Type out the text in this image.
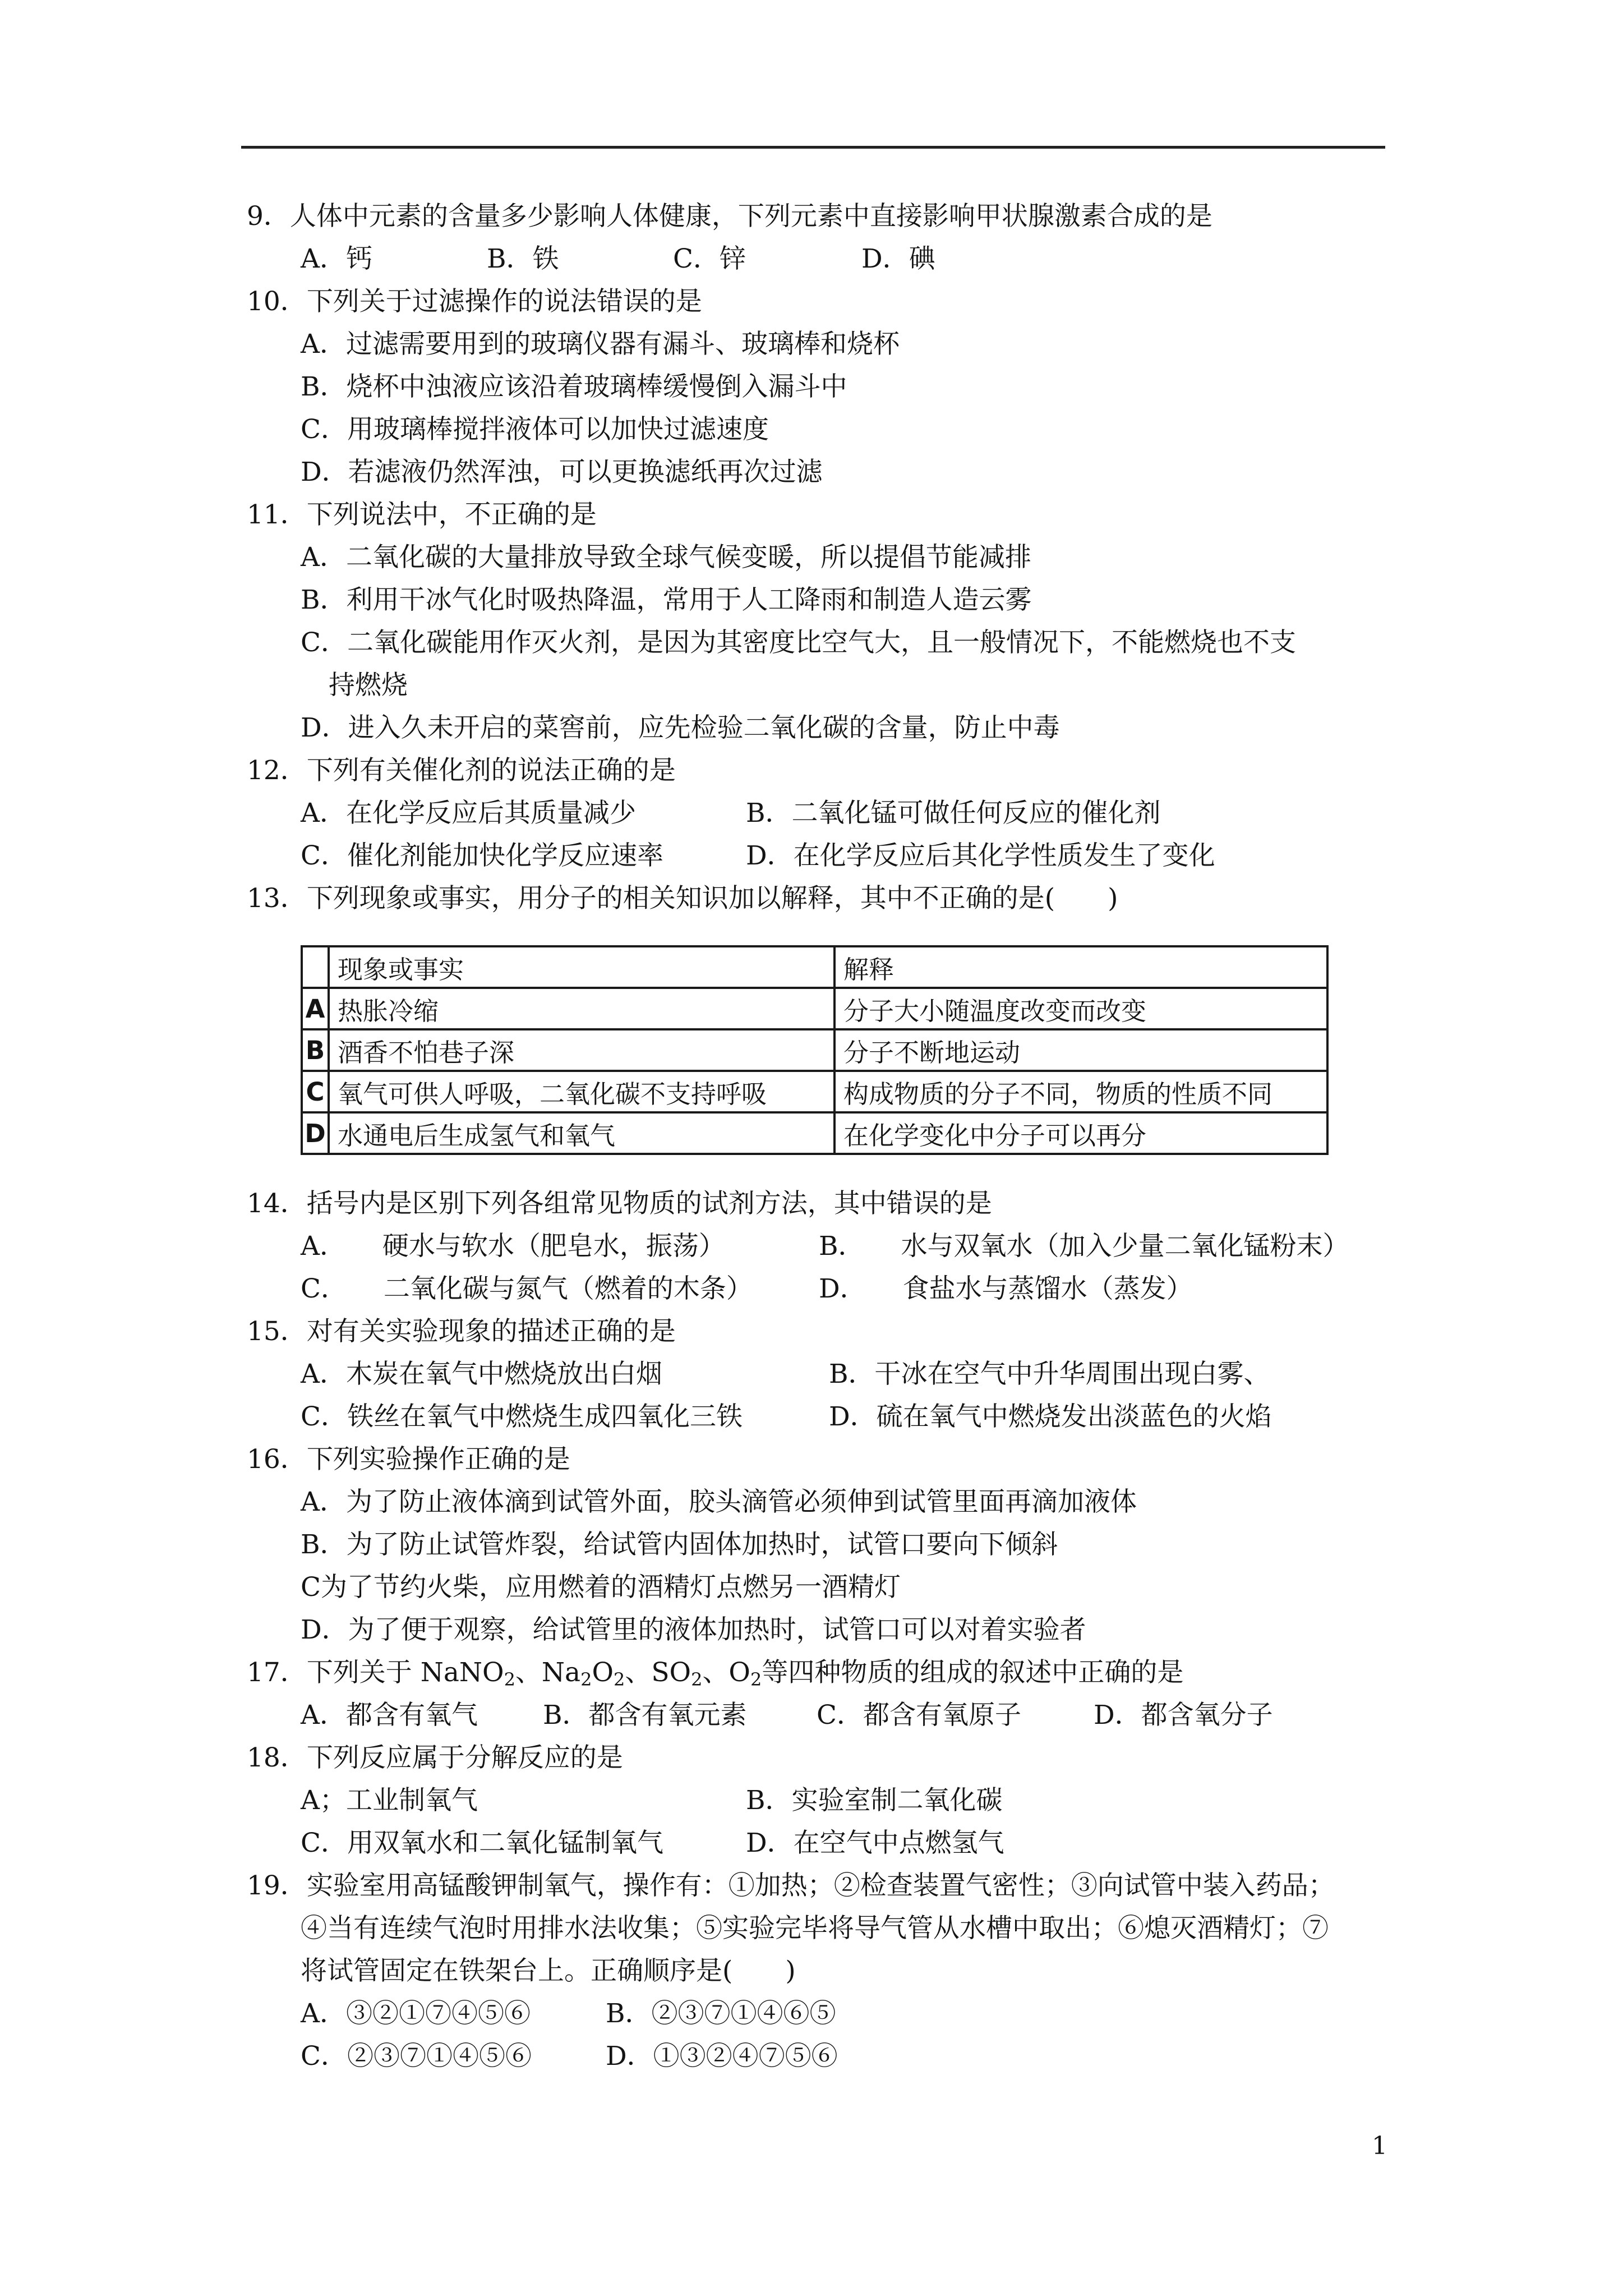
9．人体中元素的含量多少影响人体健康，下列元素中直接影响甲状腺激素合成的是
A．钙	B．铁	C．锌	D．碘
10．下列关于过滤操作的说法错误的是
A．过滤需要用到的玻璃仪器有漏斗、玻璃棒和烧杯
B．烧杯中浊液应该沿着玻璃棒缓慢倒入漏斗中
C．用玻璃棒搅拌液体可以加快过滤速度
D．若滤液仍然浑浊，可以更换滤纸再次过滤
11．下列说法中，不正确的是
A．二氧化碳的大量排放导致全球气候变暖，所以提倡节能减排
B．利用干冰气化时吸热降温，常用于人工降雨和制造人造云雾
C．二氧化碳能用作灭火剂，是因为其密度比空气大，且一般情况下，不能燃烧也不支
持燃烧
D．进入久未开启的菜窖前，应先检验二氧化碳的含量，防止中毒
12．下列有关催化剂的说法正确的是
A．在化学反应后其质量减少	B．二氧化锰可做任何反应的催化剂
C．催化剂能加快化学反应速率	D．在化学反应后其化学性质发生了变化
13．下列现象或事实，用分子的相关知识加以解释，其中不正确的是(　　)
	现象或事实	解释
A	热胀冷缩	分子大小随温度改变而改变
B	酒香不怕巷子深	分子不断地运动
C	氧气可供人呼吸，二氧化碳不支持呼吸	构成物质的分子不同，物质的性质不同
D	水通电后生成氢气和氧气	在化学变化中分子可以再分
14．括号内是区别下列各组常见物质的试剂方法，其中错误的是
A． 硬水与软水（肥皂水，振荡）	B． 水与双氧水（加入少量二氧化锰粉末）
C． 二氧化碳与氮气（燃着的木条）	D． 食盐水与蒸馏水（蒸发）
15．对有关实验现象的描述正确的是
A．木炭在氧气中燃烧放出白烟	B．干冰在空气中升华周围出现白雾、
C．铁丝在氧气中燃烧生成四氧化三铁	D．硫在氧气中燃烧发出淡蓝色的火焰
16．下列实验操作正确的是
A．为了防止液体滴到试管外面，胶头滴管必须伸到试管里面再滴加液体
B．为了防止试管炸裂，给试管内固体加热时，试管口要向下倾斜
C为了节约火柴，应用燃着的酒精灯点燃另一酒精灯
D．为了便于观察，给试管里的液体加热时，试管口可以对着实验者
17．下列关于 NaNO$_2$、$Na_2O_2$、$SO_2$、$O_2$等四种物质的组成的叙述中正确的是
A．都含有氧气 B．都含有氧元素	C．都含有氧原子	D．都含氧分子
18．下列反应属于分解反应的是
A；工业制氧气	B．实验室制二氧化碳
C．用双氧水和二氧化锰制氧气	D．在空气中点燃氢气
19．实验室用高锰酸钾制氧气，操作有：①加热；②检查装置气密性；③向试管中装入药品；
④当有连续气泡时用排水法收集；⑤实验完毕将导气管从水槽中取出；⑥熄灭酒精灯；⑦
将试管固定在铁架台上。正确顺序是(　　)
A．③②①⑦④⑤⑥	B．②③⑦①④⑥⑤
C．②③⑦①④⑤⑥	D．①③②④⑦⑤⑥
1
